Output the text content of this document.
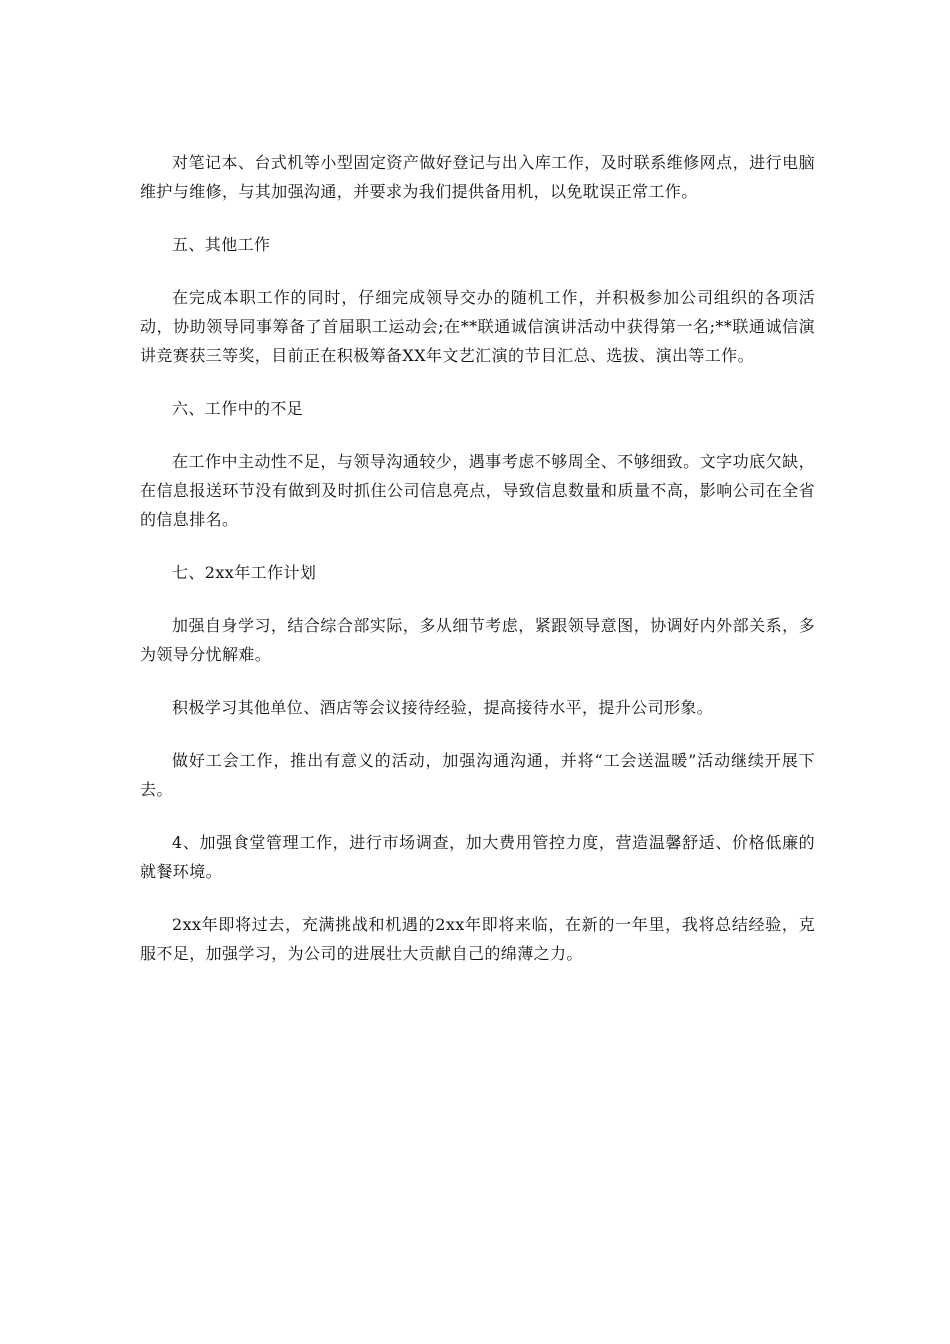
对笔记本、台式机等小型固定资产做好登记与出入库工作，及时联系维修网点，进行电脑维护与维修，与其加强沟通，并要求为我们提供备用机，以免耽误正常工作。

五、其他工作

在完成本职工作的同时，仔细完成领导交办的随机工作，并积极参加公司组织的各项活动，协助领导同事筹备了首届职工运动会;在**联通诚信演讲活动中获得第一名;**联通诚信演讲竞赛获三等奖，目前正在积极筹备XX年文艺汇演的节目汇总、选拔、演出等工作。

六、工作中的不足

在工作中主动性不足，与领导沟通较少，遇事考虑不够周全、不够细致。文字功底欠缺，在信息报送环节没有做到及时抓住公司信息亮点，导致信息数量和质量不高，影响公司在全省的信息排名。

七、2xx年工作计划

加强自身学习，结合综合部实际，多从细节考虑，紧跟领导意图，协调好内外部关系，多为领导分忧解难。

积极学习其他单位、酒店等会议接待经验，提高接待水平，提升公司形象。

做好工会工作，推出有意义的活动，加强沟通沟通，并将“工会送温暖”活动继续开展下去。

4、加强食堂管理工作，进行市场调查，加大费用管控力度，营造温馨舒适、价格低廉的就餐环境。

2xx年即将过去，充满挑战和机遇的2xx年即将来临，在新的一年里，我将总结经验，克服不足，加强学习，为公司的进展壮大贡献自己的绵薄之力。
